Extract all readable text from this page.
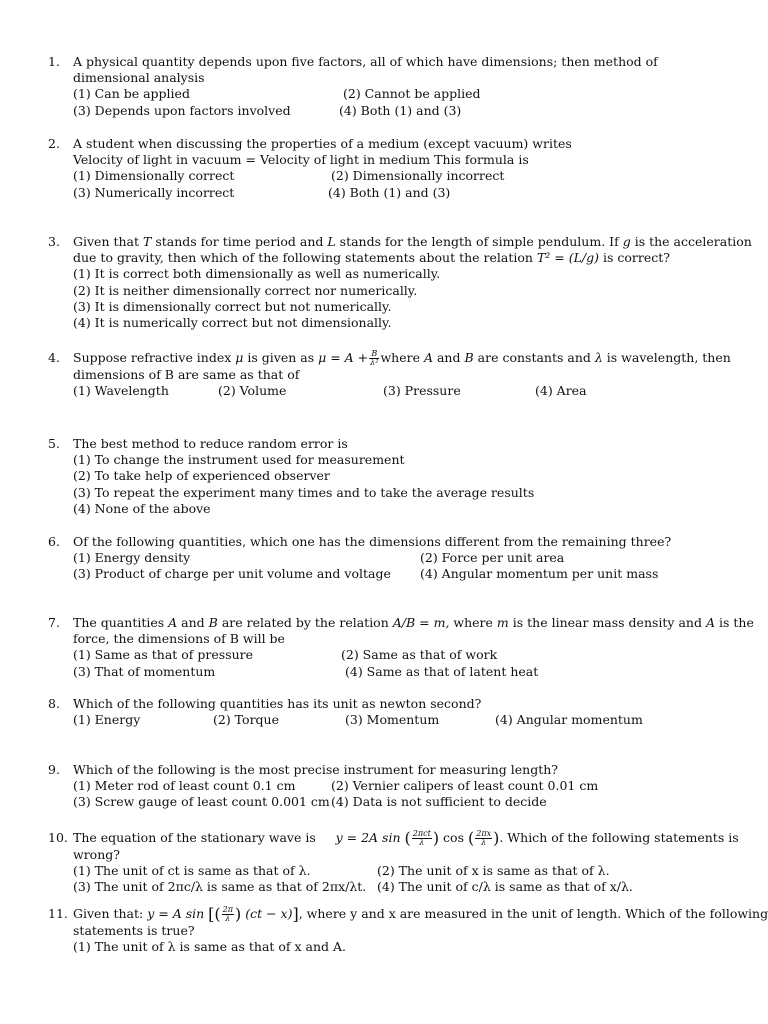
1.	A physical quantity depends upon five factors, all of which have dimensions; then method of dimensional analysis
(1) Can be applied	(2) Cannot be applied
(3) Depends upon factors involved	(4) Both (1) and (3)
2.	A student when discussing the properties of a medium (except vacuum) writes
Velocity of light in vacuum = Velocity of light in medium This formula is
(1) Dimensionally correct	(2) Dimensionally incorrect
(3) Numerically incorrect	(4) Both (1) and (3)
3.	Given that T stands for time period and L stands for the length of simple pendulum. If g is the acceleration
due to gravity, then which of the following statements about the relation T² = (L/g) is correct?
(1) It is correct both dimensionally as well as numerically.
(2) It is neither dimensionally correct nor numerically.
(3) It is dimensionally correct but not numerically.
(4) It is numerically correct but not dimensionally.
4.	Suppose refractive index μ is given as $\mu = A + \frac{B}{\text{λ²}}$ where A and B are constants and λ is wavelength, then
dimensions of B are same as that of
(1) Wavelength	(2) Volume	(3) Pressure	(4) Area
5.	The best method to reduce random error is
(1) To change the instrument used for measurement
(2) To take help of experienced observer
(3) To repeat the experiment many times and to take the average results
(4) None of the above
6.	Of the following quantities, which one has the dimensions different from the remaining three?
(1) Energy density	(2) Force per unit area
(3) Product of charge per unit volume and voltage (4) Angular momentum per unit mass
7.	The quantities A and B are related by the relation A/B = m, where m is the linear mass density and A is the
force, the dimensions of B will be
(1) Same as that of pressure	(2) Same as that of work
(3) That of momentum	(4) Same as that of latent heat
8.	Which of the following quantities has its unit as newton second?
(1) Energy	(2) Torque	(3) Momentum	(4) Angular momentum
9.	Which of the following is the most precise instrument for measuring length?
(1) Meter rod of least count 0.1 cm	(2) Vernier calipers of least count 0.01 cm
(3) Screw gauge of least count 0.001 cm (4) Data is not sufficient to decide
10. The equation of the stationary wave is y = 2A sin ( $\frac{\text{2πct}}{\lambda}$ ) cos ( $\frac{2\pi x}{\lambda}$ ). Which of the following statements is
wrong?
(1) The unit of ct is same as that of λ.	(2) The unit of x is same as that of λ.
(3) The unit of 2πc/λ is same as that of 2πx/λt. (4) The unit of c/λ is same as that of x/λ.
11. Given that: y = A sin [( $\frac{2\pi}{\lambda}$ ) (ct − x)], where y and x are measured in the unit of length. Which of the following
statements is true?
(1) The unit of λ is same as that of x and A.
